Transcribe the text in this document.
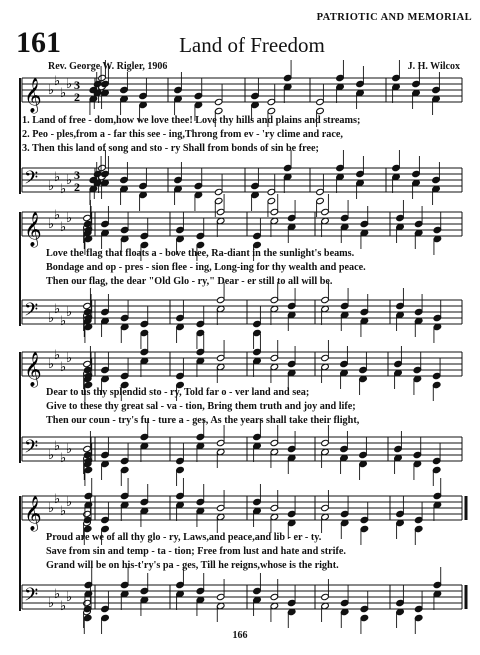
PATRIOTIC AND MEMORIAL
161	Land of Freedom
Rev. George W. Rigler, 1906	J. H. Wilcox
𝄞 ♭
♭
♭
♭ 3
2
𝄢 ♭
♭
♭
♭ 3
2
1. Land of free - dom,how we love thee! Love thy hills and plains and streams;
2. Peo - ples,from a - far this see - ing,Throng from ev - 'ry clime and race,
3. Then this land of song and sto - ry Shall from bonds of sin be free;
𝄞 ♭
♭
♭
♭
𝄢 ♭
♭
♭
♭
Love the flag that floats a - bove thee, Ra-diant in the sunlight's beams.
Bondage and op - pres - sion flee - ing, Long-ing for thy wealth and peace.
Then our flag, the dear "Old Glo - ry," Dear - er still to all will be.
𝄞 ♭
♭
♭
♭
𝄢 ♭
♭
♭
♭
Dear to us thy splendid sto - ry, Told far o - ver land and sea;
Give to these thy great sal - va - tion, Bring them truth and joy and life;
Then our coun - try's fu - ture a - ges, As the years shall take their flight,
𝄞 ♭
♭
♭
♭
𝄢 ♭
♭
♭
♭
Proud are we of all thy glo - ry, Laws,and peace,and lib - er - ty.
Save from sin and temp - ta - tion; Free from lust and hate and strife.
Grand will be on his-t'ry's pa - ges, Till he reigns,whose is the right.
166
